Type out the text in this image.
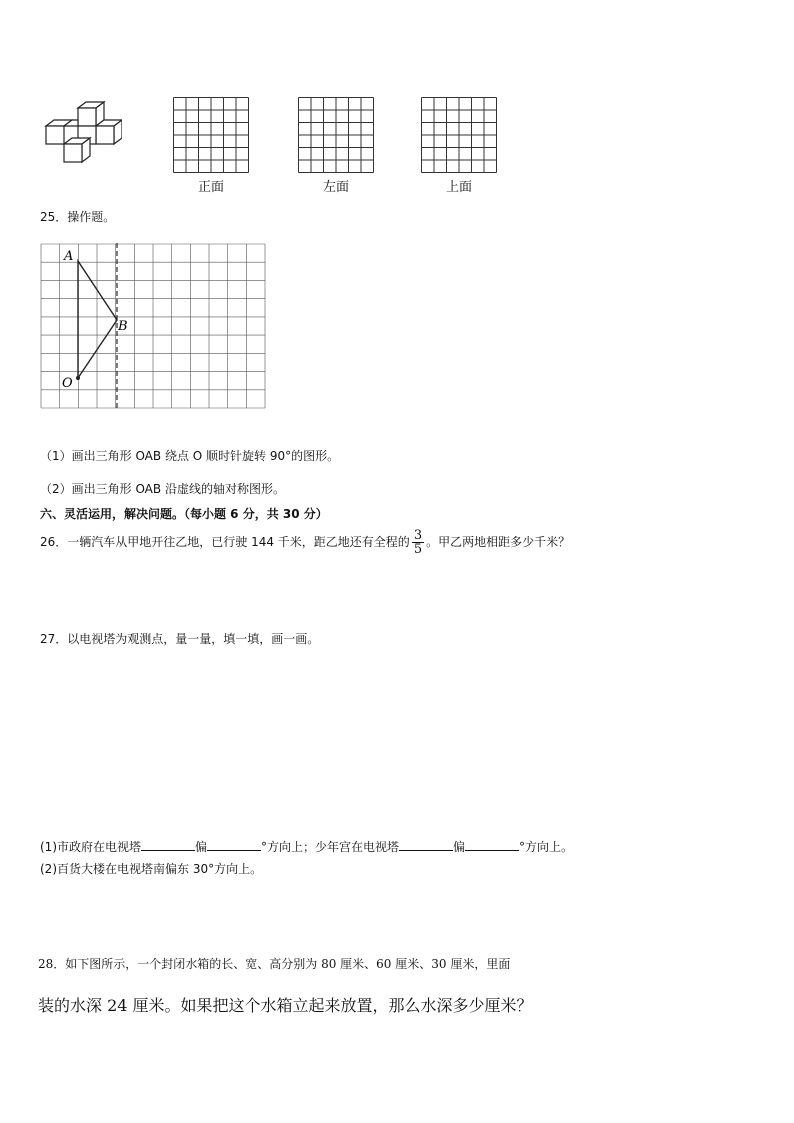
正面	左面	上面
25．操作题。
A
B
O
（1）画出三角形 OAB 绕点 O 顺时针旋转 90°的图形。
（2）画出三角形 OAB 沿虚线的轴对称图形。
六、灵活运用，解决问题。（每小题 6 分，共 30 分）
26．一辆汽车从甲地开往乙地，已行驶 144 千米，距乙地还有全程的 $\frac{3}{5}$ 。甲乙两地相距多少千米？
27．以电视塔为观测点，量一量，填一填，画一画。
(1)市政府在电视塔	偏	°方向上；少年宫在电视塔	偏	°方向上。
(2)百货大楼在电视塔南偏东 30°方向上。
28．如下图所示，一个封闭水箱的长、宽、高分别为 80 厘米、60 厘米、30 厘米，里面
装的水深 24 厘米。如果把这个水箱立起来放置，那么水深多少厘米？
